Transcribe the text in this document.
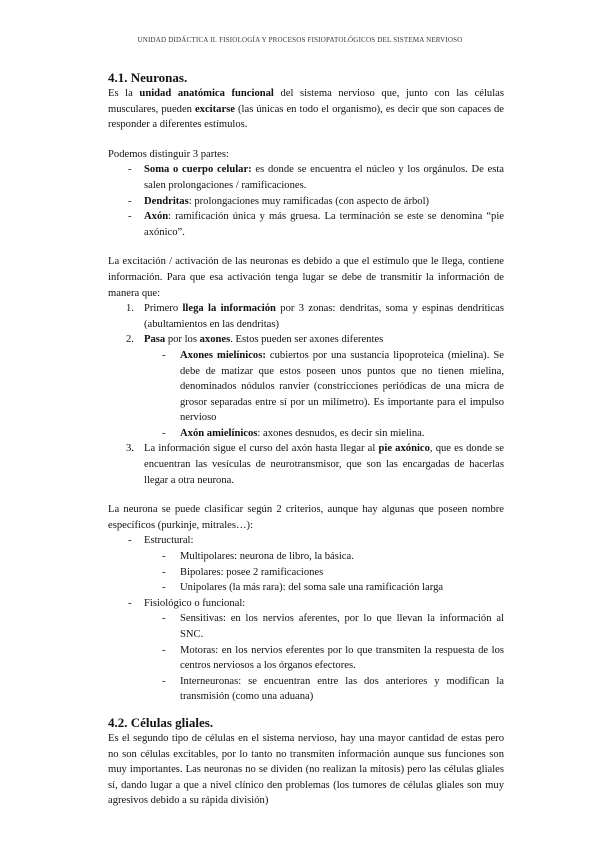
UNIDAD DIDÁCTICA II. FISIOLOGÍA Y PROCESOS FISIOPATOLÓGICOS DEL SISTEMA NERVIOSO
4.1. Neuronas.

Es la unidad anatómica funcional del sistema nervioso que, junto con las células musculares, pueden excitarse (las únicas en todo el organismo), es decir que son capaces de responder a diferentes estímulos.

Podemos distinguir 3 partes:

- Soma o cuerpo celular: es donde se encuentra el núcleo y los orgánulos. De esta salen prolongaciones / ramificaciones.
- Dendritas: prolongaciones muy ramificadas (con aspecto de árbol)
- Axón: ramificación única y más gruesa. La terminación se este se denomina “pie axónico”.

La excitación / activación de las neuronas es debido a que el estímulo que le llega, contiene información. Para que esa activación tenga lugar se debe de transmitir la información de manera que:

1. Primero llega la información por 3 zonas: dendritas, soma y espinas dendríticas (abultamientos en las dendritas)
2. Pasa por los axones. Estos pueden ser axones diferentes
- Axones mielínicos: cubiertos por una sustancia lipoproteica (mielina). Se debe de matizar que estos poseen unos puntos que no tienen mielina, denominados nódulos ranvier (constricciones periódicas de una micra de grosor separadas entre sí por un milímetro). Es importante para el impulso nervioso
- Axón amielínicos: axones desnudos, es decir sin mielina.
3. La información sigue el curso del axón hasta llegar al pie axónico, que es donde se encuentran las vesículas de neurotransmisor, que son las encargadas de hacerlas llegar a otra neurona.

La neurona se puede clasificar según 2 criterios, aunque hay algunas que poseen nombre específicos (purkinje, mitrales…):

- Estructural:
- Multipolares: neurona de libro, la básica.
- Bipolares: posee 2 ramificaciones
- Unipolares (la más rara): del soma sale una ramificación larga
- Fisiológico o funcional:
- Sensitivas: en los nervios aferentes, por lo que llevan la información al SNC.
- Motoras: en los nervios eferentes por lo que transmiten la respuesta de los centros nerviosos a los órganos efectores.
- Interneuronas: se encuentran entre las dos anteriores y modifican la transmisión (como una aduana)
4.2. Células gliales.

Es el segundo tipo de células en el sistema nervioso, hay una mayor cantidad de estas pero no son células excitables, por lo tanto no transmiten información aunque sus funciones son muy importantes. Las neuronas no se dividen (no realizan la mitosis) pero las células gliales sí, dando lugar a que a nivel clínico den problemas (los tumores de células gliales son muy agresivos debido a su rápida división)
